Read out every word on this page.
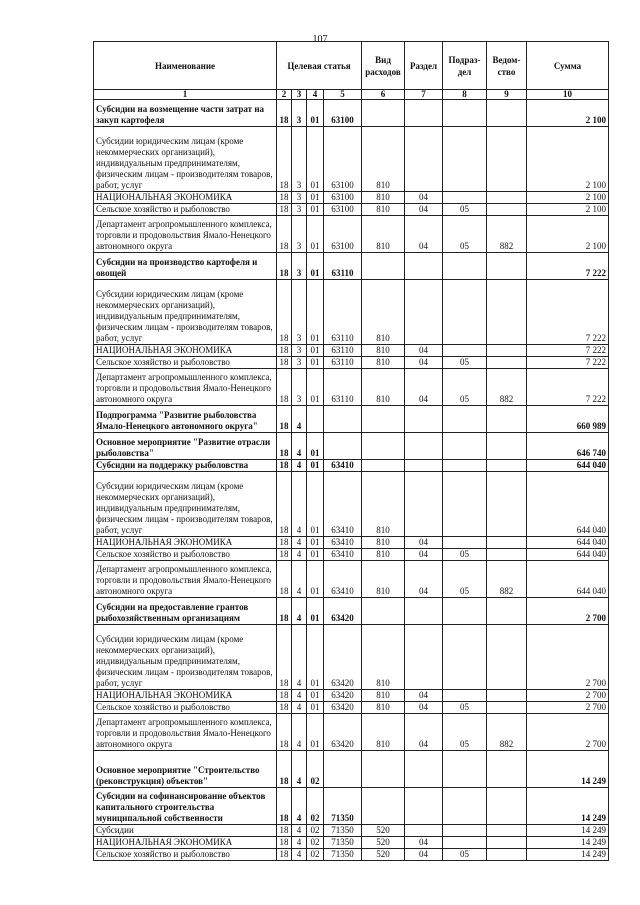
107
Наименование	Целевая статья				Вид расходов	Раздел	Подраз-дел	Ведом-ство	Сумма
1	2	3	4	5	6	7	8	9	10
Субсидии на возмещение части затрат на закуп картофеля	18	3	01	63100					2 100
Субсидии юридическим лицам (кроме некоммерческих организаций), индивидуальным предпринимателям, физическим лицам - производителям товаров, работ, услуг	18	3	01	63100	810				2 100
НАЦИОНАЛЬНАЯ ЭКОНОМИКА	18	3	01	63100	810	04			2 100
Сельское хозяйство и рыболовство	18	3	01	63100	810	04	05		2 100
Департамент агропромышленного комплекса, торговли и продовольствия Ямало-Ненецкого автономного округа	18	3	01	63100	810	04	05	882	2 100
Субсидии на производство картофеля и овощей	18	3	01	63110					7 222
Субсидии юридическим лицам (кроме некоммерческих организаций), индивидуальным предпринимателям, физическим лицам - производителям товаров, работ, услуг	18	3	01	63110	810				7 222
НАЦИОНАЛЬНАЯ ЭКОНОМИКА	18	3	01	63110	810	04			7 222
Сельское хозяйство и рыболовство	18	3	01	63110	810	04	05		7 222
Департамент агропромышленного комплекса, торговли и продовольствия Ямало-Ненецкого автономного округа	18	3	01	63110	810	04	05	882	7 222
Подпрограмма "Развитие рыболовства Ямало-Ненецкого автономного округа"	18	4							660 989
Основное мероприятие "Развитие отрасли рыболовства"	18	4	01						646 740
Субсидии на поддержку рыболовства	18	4	01	63410					644 040
Субсидии юридическим лицам (кроме некоммерческих организаций), индивидуальным предпринимателям, физическим лицам - производителям товаров, работ, услуг	18	4	01	63410	810				644 040
НАЦИОНАЛЬНАЯ ЭКОНОМИКА	18	4	01	63410	810	04			644 040
Сельское хозяйство и рыболовство	18	4	01	63410	810	04	05		644 040
Департамент агропромышленного комплекса, торговли и продовольствия Ямало-Ненецкого автономного округа	18	4	01	63410	810	04	05	882	644 040
Субсидии на предоставление грантов рыбохозяйственным организациям	18	4	01	63420					2 700
Субсидии юридическим лицам (кроме некоммерческих организаций), индивидуальным предпринимателям, физическим лицам - производителям товаров, работ, услуг	18	4	01	63420	810				2 700
НАЦИОНАЛЬНАЯ ЭКОНОМИКА	18	4	01	63420	810	04			2 700
Сельское хозяйство и рыболовство	18	4	01	63420	810	04	05		2 700
Департамент агропромышленного комплекса, торговли и продовольствия Ямало-Ненецкого автономного округа	18	4	01	63420	810	04	05	882	2 700
Основное мероприятие "Строительство (реконструкция) объектов"	18	4	02						14 249
Субсидии на софинансирование объектов капитального строительства муниципальной собственности	18	4	02	71350					14 249
Субсидии	18	4	02	71350	520				14 249
НАЦИОНАЛЬНАЯ ЭКОНОМИКА	18	4	02	71350	520	04			14 249
Сельское хозяйство и рыболовство	18	4	02	71350	520	04	05		14 249
